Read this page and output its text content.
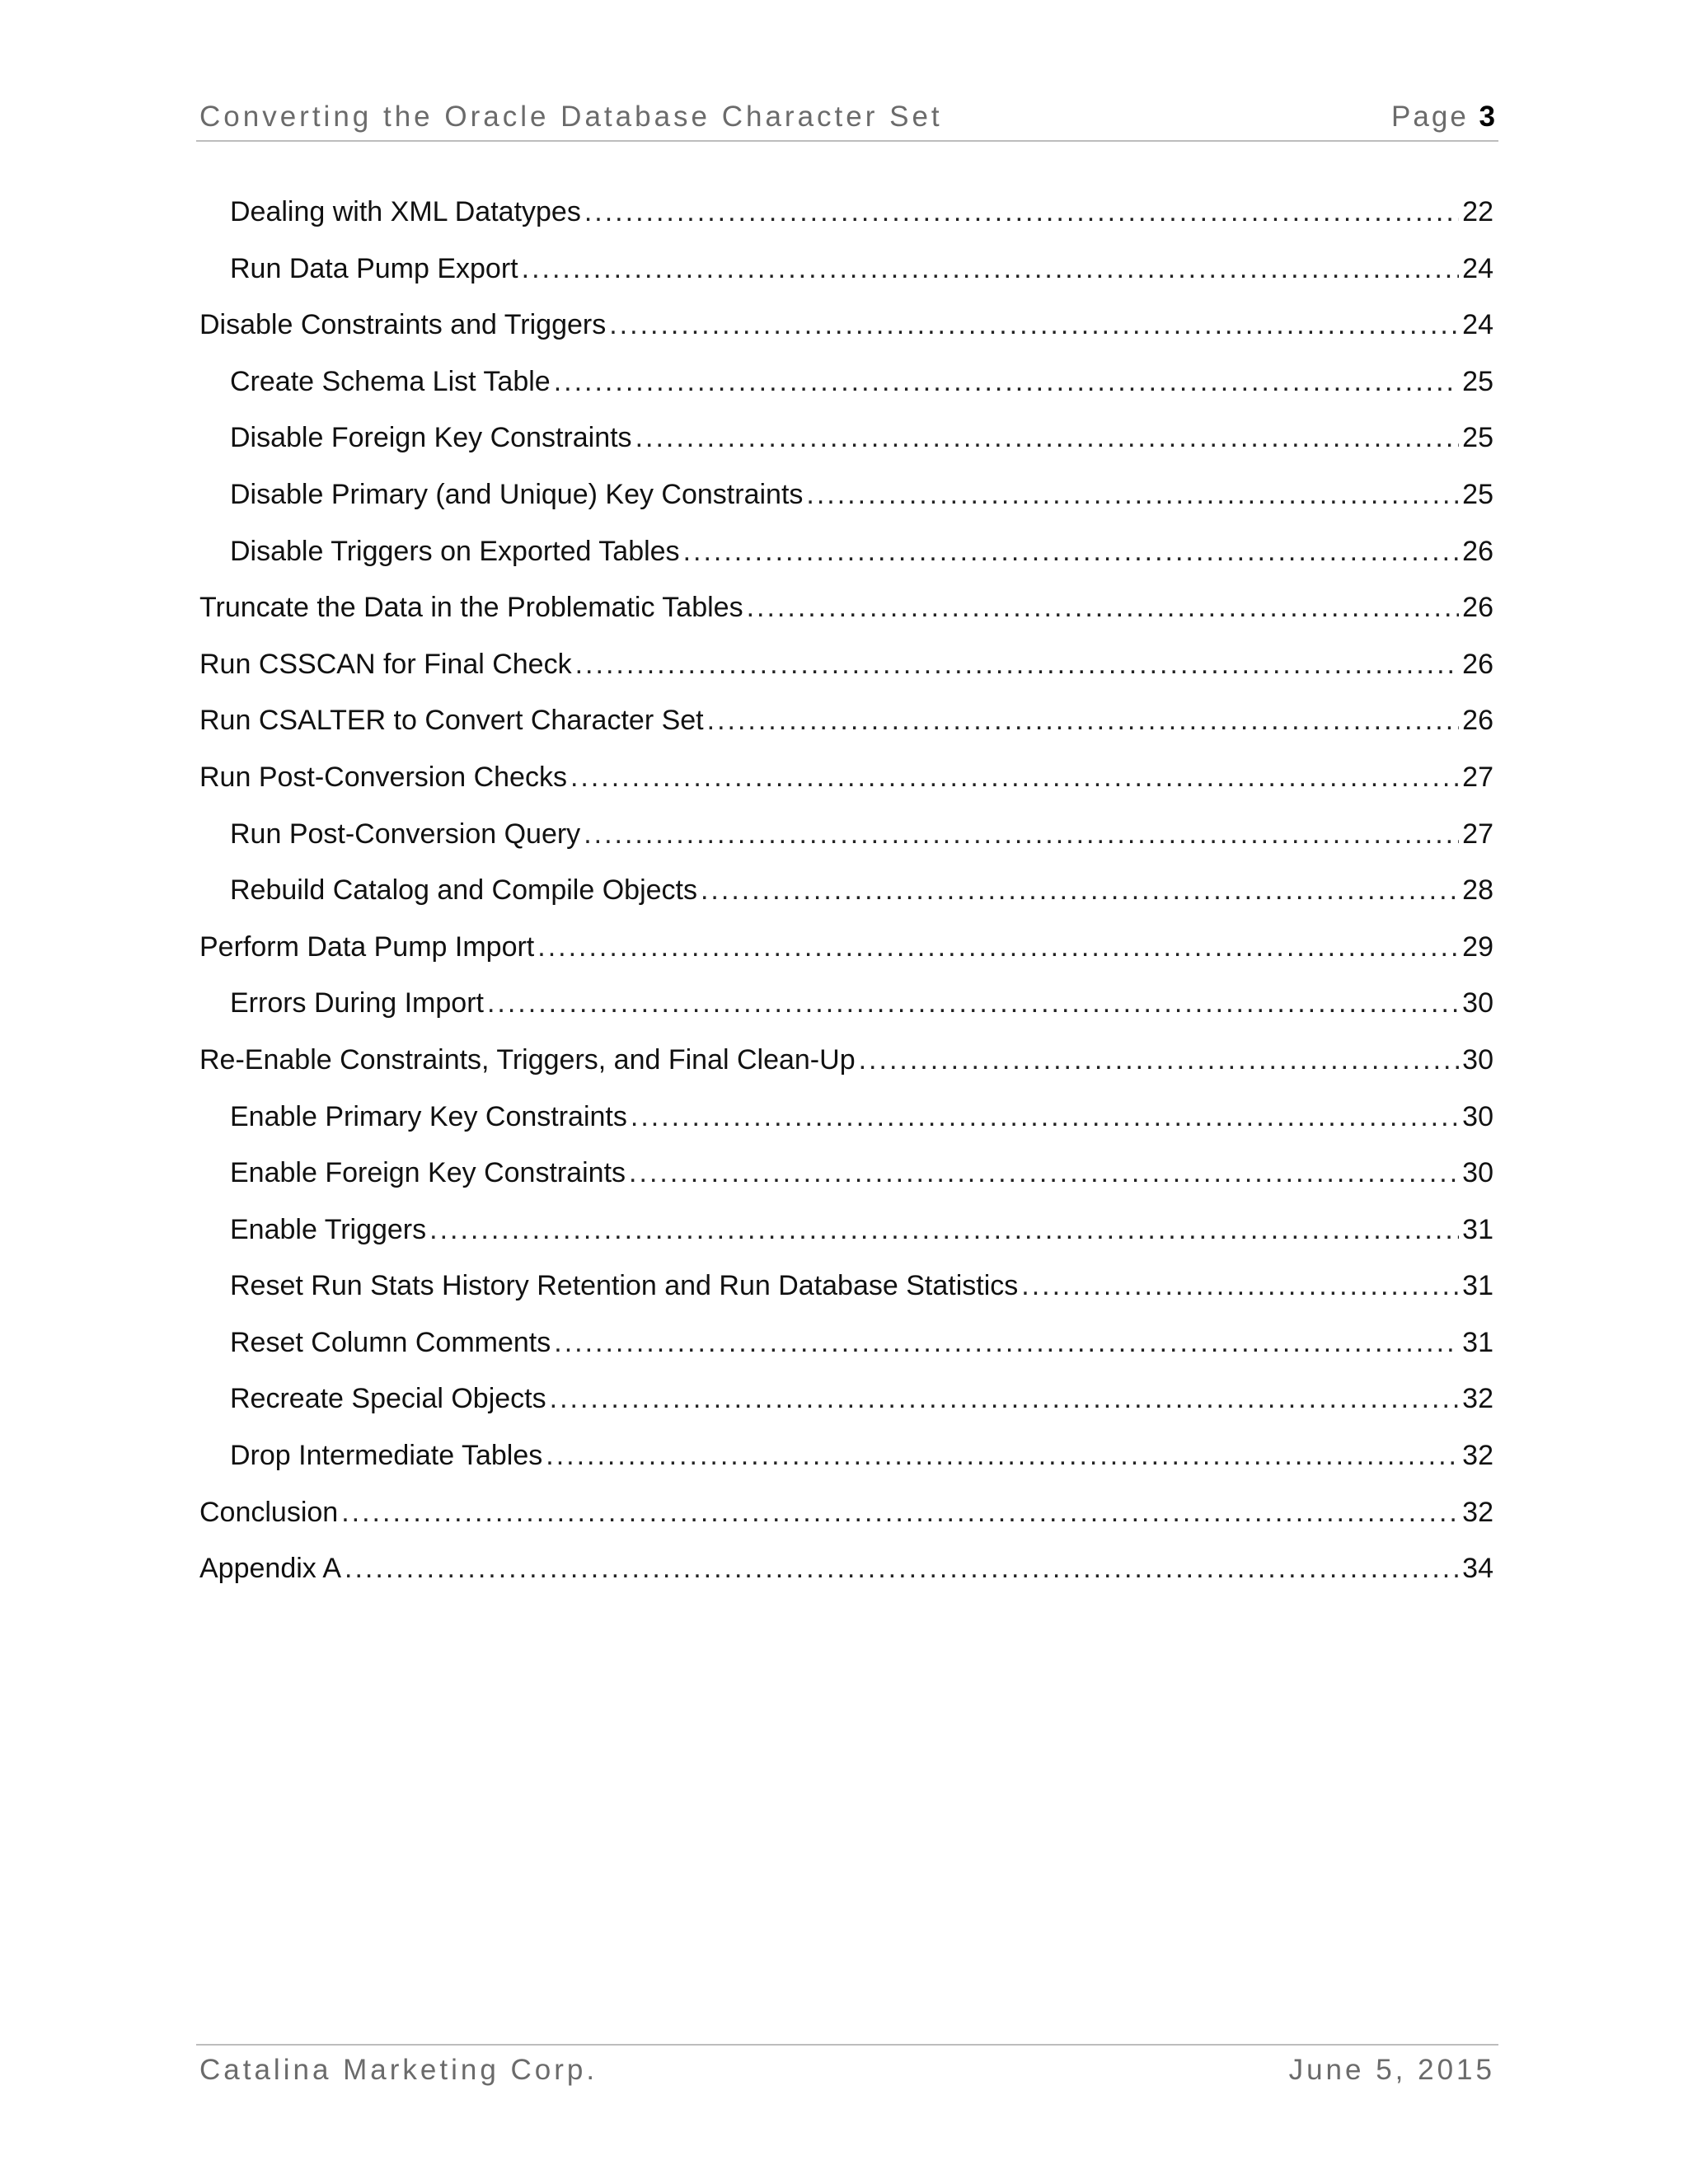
Converting the Oracle Database Character Set	Page 3
Dealing with XML Datatypes .....	22
Run Data Pump Export .....	24
Disable Constraints and Triggers .....	24
Create Schema List Table .....	25
Disable Foreign Key Constraints .....	25
Disable Primary (and Unique) Key Constraints .....	25
Disable Triggers on Exported Tables .....	26
Truncate the Data in the Problematic Tables .....	26
Run CSSCAN for Final Check .....	26
Run CSALTER to Convert Character Set .....	26
Run Post-Conversion Checks .....	27
Run Post-Conversion Query .....	27
Rebuild Catalog and Compile Objects .....	28
Perform Data Pump Import .....	29
Errors During Import .....	30
Re-Enable Constraints, Triggers, and Final Clean-Up .....	30
Enable Primary Key Constraints .....	30
Enable Foreign Key Constraints .....	30
Enable Triggers .....	31
Reset Run Stats History Retention and Run Database Statistics .....	31
Reset Column Comments .....	31
Recreate Special Objects .....	32
Drop Intermediate Tables .....	32
Conclusion .....	32
Appendix A .....	34
Catalina Marketing Corp.	June 5, 2015
